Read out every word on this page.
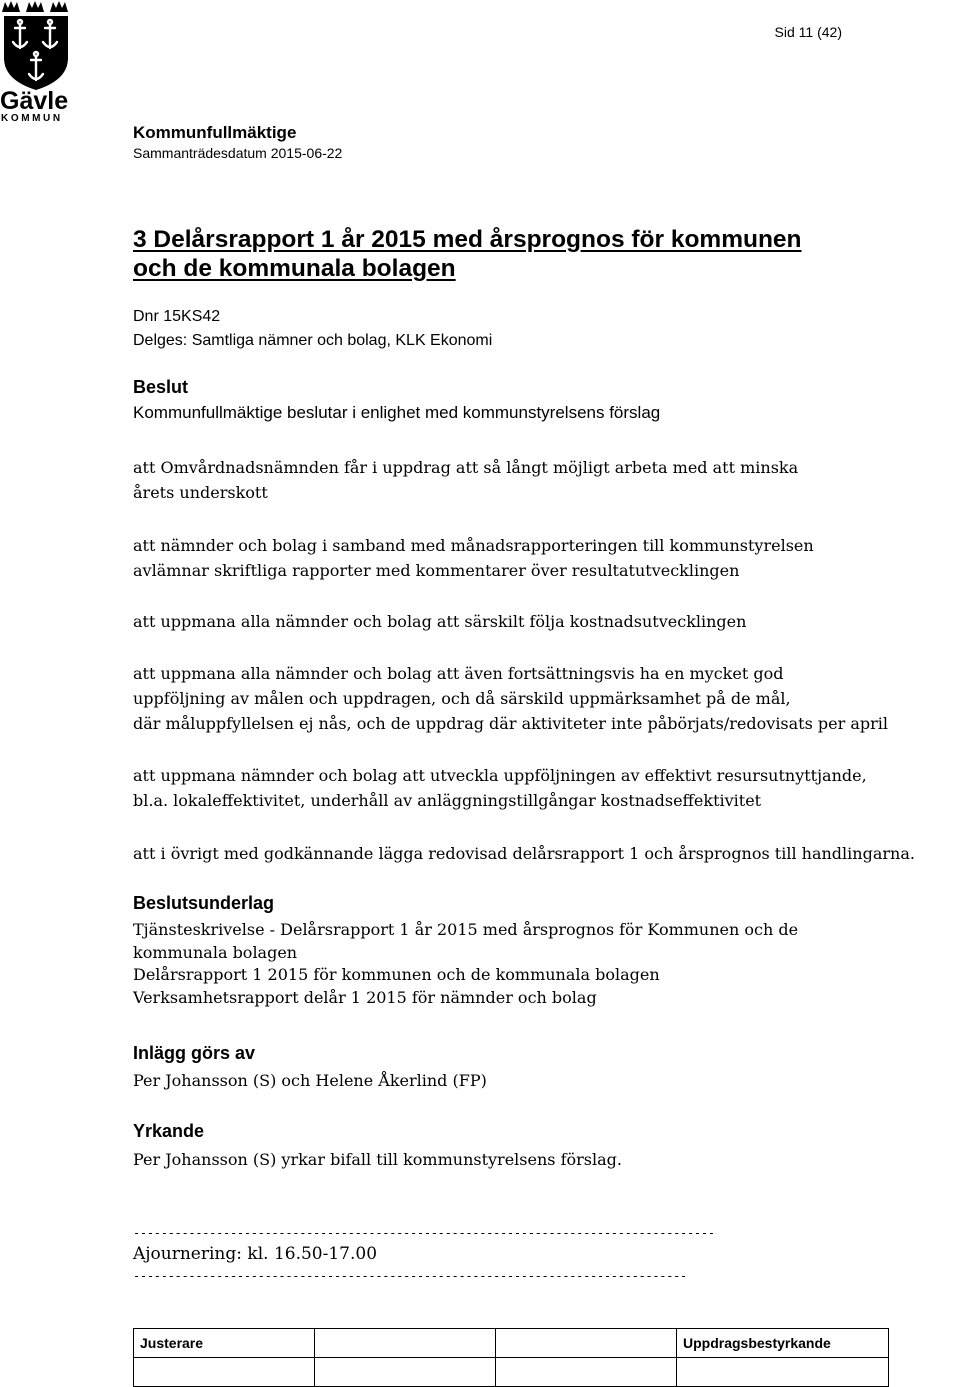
Gävle
KOMMUN
Sid 11 (42)
Kommunfullmäktige
Sammanträdesdatum 2015-06-22
3 Delårsrapport 1 år 2015 med årsprognos för kommunen
och de kommunala bolagen
Dnr 15KS42
Delges: Samtliga nämner och bolag, KLK Ekonomi
Beslut
Kommunfullmäktige beslutar i enlighet med kommunstyrelsens förslag

att Omvårdnadsnämnden får i uppdrag att så långt möjligt arbeta med att minska
årets underskott

att nämnder och bolag i samband med månadsrapporteringen till kommunstyrelsen
avlämnar skriftliga rapporter med kommentarer över resultatutvecklingen

att uppmana alla nämnder och bolag att särskilt följa kostnadsutvecklingen

att uppmana alla nämnder och bolag att även fortsättningsvis ha en mycket god
uppföljning av målen och uppdragen, och då särskild uppmärksamhet på de mål,
där måluppfyllelsen ej nås, och de uppdrag där aktiviteter inte påbörjats/redovisats per april

att uppmana nämnder och bolag att utveckla uppföljningen av effektivt resursutnyttjande,
bl.a. lokaleffektivitet, underhåll av anläggningstillgångar kostnadseffektivitet

att i övrigt med godkännande lägga redovisad delårsrapport 1 och årsprognos till handlingarna.

Beslutsunderlag

Tjänsteskrivelse - Delårsrapport 1 år 2015 med årsprognos för Kommunen och de
kommunala bolagen
Delårsrapport 1 2015 för kommunen och de kommunala bolagen
Verksamhetsrapport delår 1 2015 för nämnder och bolag

Inlägg görs av

Per Johansson (S) och Helene Åkerlind (FP)

Yrkande

Per Johansson (S) yrkar bifall till kommunstyrelsens förslag.

------------------------------------------------------------------------------------
Ajournering: kl. 16.50-17.00
--------------------------------------------------------------------------------
Justerare			Uppdragsbestyrkande
